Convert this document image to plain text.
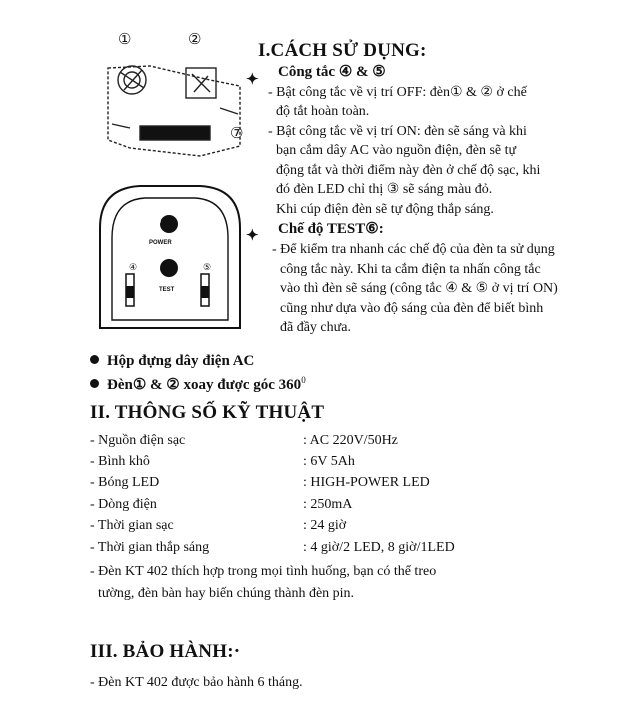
①	②
⑦
③
POWER
TEST
④	⑤
I.CÁCH SỬ DỤNG:
✦ Công tắc ④ & ⑤
- Bật công tắc về vị trí OFF: đèn① & ② ở chế
độ tắt hoàn toàn.
- Bật công tắc về vị trí ON: đèn sẽ sáng và khi
bạn cắm dây AC vào nguồn điện, đèn sẽ tự
động tắt và thời điểm này đèn ở chế độ sạc, khi
đó đèn LED chỉ thị ③ sẽ sáng màu đỏ.
Khi cúp điện đèn sẽ tự động thắp sáng.
✦ Chế độ TEST⑥:
- Để kiểm tra nhanh các chế độ của đèn ta sử dụng
công tắc này. Khi ta cắm điện ta nhấn công tắc
vào thì đèn sẽ sáng (công tắc ④ & ⑤ ở vị trí ON)
cũng như dựa vào độ sáng của đèn để biết bình
đã đầy chưa.
Hộp đựng dây điện AC
Đèn① & ② xoay được góc $360^0$
II. THÔNG SỐ KỸ THUẬT
- Nguồn điện sạc	: AC 220V/50Hz
- Bình khô	: 6V 5Ah
- Bóng LED	: HIGH-POWER LED
- Dòng điện	: 250mA
- Thời gian sạc	: 24 giờ
- Thời gian thắp sáng	: 4 giờ/2 LED, 8 giờ/1LED
- Đèn KT 402 thích hợp trong mọi tình huống, bạn có thể treo
tường, đèn bàn hay biến chúng thành đèn pin.
III. BẢO HÀNH:·
- Đèn KT 402 được bảo hành 6 tháng.
